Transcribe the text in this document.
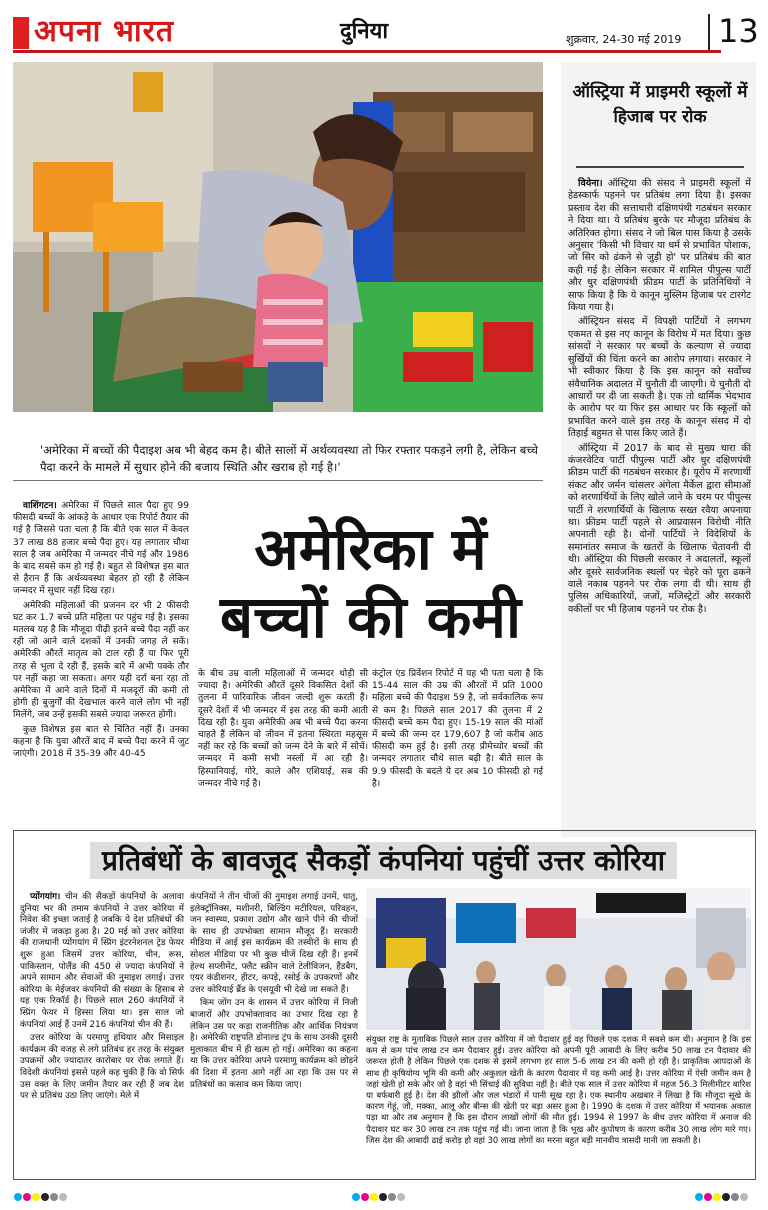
अपना भारत	दुनिया	शुक्रवार, 24-30 मई 2019 13
'अमेरिका में बच्चों की पैदाइश अब भी बेहद कम है। बीते सालों में अर्थव्यवस्था तो फिर रफ्तार पकड़ने लगी है, लेकिन बच्चे पैदा करने के मामले में सुधार होने की बजाय स्थिति और खराब हो गई है।'

वाशिंगटन। अमेरिका में पिछले साल पैदा हुए 99 फीसदी बच्चों के आंकड़े के आधार एक रिपोर्ट तैयार की गई है जिससे पता चला है कि बीते एक साल में केवल 37 लाख 88 हजार बच्चे पैदा हुए। यह लगातार चौथा साल है जब अमेरिका में जन्मदर नीचे गई और 1986 के बाद सबसे कम हो गई है। बहुत से विशेषज्ञ इस बात से हैरान हैं कि अर्थव्यवस्था बेहतर हो रही है लेकिन जन्मदर में सुधार नहीं दिख रहा।

अमेरिकी महिलाओं की प्रजनन दर भी 2 फीसदी घट कर 1.7 बच्चे प्रति महिला पर पहुंच गई है। इसका मतलब यह है कि मौजूदा पीढ़ी इतने बच्चे पैदा नहीं कर रही जो आने वाले दशकों में उनकी जगह ले सकें। अमेरिकी औरतें मातृत्व को टाल रही हैं या फिर पूरी तरह से भुला दे रही हैं, इसके बारे में अभी पक्के तौर पर नहीं कहा जा सकता। अगर यही दर्रा बना रहा तो अमेरिका में आने वाले दिनों में मजदूरों की कमी तो होगी ही बुजुर्गों की देखभाल करने वाले लोग भी नहीं मिलेंगे, जब उन्हें इसकी सबसे ज्यादा जरूरत होगी।

कुछ विशेषज्ञ इस बात से चिंतित नहीं हैं। उनका कहना है कि युवा औरतें बाद में बच्चे पैदा करने में जुट जाएंगी। 2018 में 35-39 और 40-45

अमेरिका में
बच्चों की कमी

के बीच उम्र वाली महिलाओं में जन्मदर थोड़ी सी ज्यादा है। अमेरिकी औरतें दूसरे विकसित देशों की तुलना में पारिवारिक जीवन जल्दी शुरू करती हैं। दूसरे देशों में भी जन्मदर में इस तरह की कमी आती दिख रही है। युवा अमेरिकी अब भी बच्चे पैदा करना चाहते हैं लेकिन वो जीवन में इतना स्थिरता महसूस नहीं कर रहे कि बच्चों को जन्म देने के बारे में सोचें। जन्मदर में कमी सभी नस्लों में आ रही है। हिस्पानियाई, गोरे, काले और एशियाई, सब की जन्मदर नीचे गई है।

कंट्रोल एंड प्रिवेंशन रिपोर्ट में यह भी पता चला है कि 15-44 साल की उम्र की औरतों में प्रति 1000 महिला बच्चे की पैदाइश 59 है, जो सर्वकालिक रूप से कम है। पिछले साल 2017 की तुलना में 2 फीसदी बच्चे कम पैदा हुए। 15-19 साल की मांओं में बच्चे की जन्म दर 179,607 है जो करीब आठ फीसदी कम हुई है। इसी तरह प्रीमेच्योर बच्चों की जन्मदर लगातार चौथे साल बढ़ी है। बीते साल के 9.9 फीसदी के बदले ये दर अब 10 फीसदी हो गई है।

ऑस्ट्रिया में प्राइमरी स्कूलों में हिजाब पर रोक

वियेना। ऑस्ट्रिया की संसद ने प्राइमरी स्कूलों में हेडस्कार्फ पहनने पर प्रतिबंध लगा दिया है। इसका प्रस्ताव देश की सत्ताधारी दक्षिणपंथी गठबंधन सरकार ने दिया था। ये प्रतिबंध बुरके पर मौजूदा प्रतिबंध के अतिरिक्त होगा। संसद ने जो बिल पास किया है उसके अनुसार 'किसी भी विचार या धर्म से प्रभावित पोशाक, जो सिर को ढंकने से जुड़ी हो' पर प्रतिबंध की बात कही गई है। लेकिन सरकार में शामिल पीपुल्स पार्टी और धुर दक्षिणपंथी फ्रीडम पार्टी के प्रतिनिधियों ने साफ किया है कि ये कानून मुस्लिम हिजाब पर टारगेट किया गया है।

ऑस्ट्रियन संसद में विपक्षी पार्टियों ने लगभग एकमत से इस नए कानून के विरोध में मत दिया। कुछ सांसदों ने सरकार पर बच्चों के कल्याण से ज्यादा सुर्खियों की चिंता करने का आरोप लगाया। सरकार ने भी स्वीकार किया है कि इस कानून को सर्वोच्च संवैधानिक अदालत में चुनौती दी जाएगी। ये चुनौती दो आधारों पर दी जा सकती है। एक तो धार्मिक भेदभाव के आरोप पर या फिर इस आधार पर कि स्कूलों को प्रभावित करने वाले इस तरह के कानून संसद में दो तिहाई बहुमत से पास किए जाते हैं।

ऑस्ट्रिया में 2017 के बाद से मुख्य धारा की कंजरवेटिव पार्टी पीपुल्स पार्टी और धुर दक्षिणपंथी फ्रीडम पार्टी की गठबंधन सरकार है। यूरोप में शरणार्थी संकट और जर्मन चांसलर अंगेला मैर्केल द्वारा सीमाओं को शरणार्थियों के लिए खोले जाने के चरम पर पीपुल्स पार्टी ने शरणार्थियों के खिलाफ सख्त रवैया अपनाया था। फ्रीडम पार्टी पहले से आप्रवासन विरोधी नीति अपनाती रही है। दोनों पार्टियों ने विदेशियों के समानांतर समाज के खतरों के खिलाफ चेतावनी दी थी। ऑस्ट्रिया की पिछली सरकार ने अदालतों, स्कूलों और दूसरे सार्वजनिक स्थलों पर चेहरे को पूरा ढकने वाले नकाब पहनने पर रोक लगा दी थी। साथ ही पुलिस अधिकारियों, जजों, मजिस्ट्रेटों और सरकारी वकीलों पर भी हिजाब पहनने पर रोक है।

प्रतिबंधों के बावजूद सैकड़ों कंपनियां पहुंचीं उत्तर कोरिया

प्योंगयांग। चीन की सैकड़ों कंपनियों के अलावा दुनिया भर की तमाम कंपनियों ने उत्तर कोरिया में निवेश की इच्छा जताई है जबकि ये देश प्रतिबंधों की जंजीर में जकड़ा हुआ है। 20 मई को उत्तर कोरिया की राजधानी प्योंगयांग में स्प्रिंग इंटरनेशनल ट्रेड फेयर शुरू हुआ जिसमें उत्तर कोरिया, चीन, रूस, पाकिस्तान, पोलैंड की 450 से ज्यादा कंपनियों ने अपने सामान और सेवाओं की नुमाइश लगाई। उत्तर कोरिया के मेईजवर कंपनियों की संख्या के हिसाब से यह एक रिकॉर्ड है। पिछले साल 260 कंपनियों ने स्प्रिंग फेयर में हिस्सा लिया था। इस साल जो कंपनियां आई हैं उनमें 216 कंपनियां चीन की हैं।

उत्तर कोरिया के परमाणु हथियार और मिसाइल कार्यक्रम की वजह से लगे प्रतिबंध हर तरह के संयुक्त उपक्रमों और ज्यादातर कारोबार पर रोक लगाते हैं। विदेशी कंपनियां इससे पहले कह चुकी हैं कि वो सिर्फ उस वक्त के लिए जमीन तैयार कर रही हैं जब देश पर से प्रतिबंध उठा लिए जाएंगे। मेले में

कंपनियों ने तीन चीजों की नुमाइश लगाई उनमें, धातु, इलेक्ट्रॉनिक्स, मशीनरी, बिल्डिंग मटीरियल, परिवहन, जन स्वास्थ्य, प्रकाश उद्योग और खाने पीने की चीजों के साथ ही उपभोक्ता सामान मौजूद हैं। सरकारी मीडिया में आई इस कार्यक्रम की तस्वीरों के साथ ही सोशल मीडिया पर भी कुछ चीजें दिख रही हैं। इनमें हेल्थ सप्लीमेंट, फ्लैट स्क्रीन वाले टेलीविजन, हैंडबैग, एयर कंडीशनर, हीटर, कपड़े, रसोई के उपकरणों और उत्तर कोरियाई ब्रैंड के एसयूवी भी देखे जा सकते हैं।

किम जोंग उन के शासन में उत्तर कोरिया में निजी बाजारों और उपभोक्तावाद का उभार दिख रहा है लेकिन उस पर कड़ा राजनीतिक और आर्थिक नियंत्रण है। अमेरिकी राष्ट्रपति डोनाल्ड ट्रंप के साथ उनकी दूसरी मुलाकात बीच में ही खत्म हो गई। अमेरिका का कहना था कि उत्तर कोरिया अपने परमाणु कार्यक्रम को छोड़ने की दिशा में इतना आगे नहीं आ रहा कि उस पर से प्रतिबंधों का कसाव कम किया जाए।

संयुक्त राष्ट्र के मुताबिक पिछले साल उत्तर कोरिया में जो पैदावार हुई वह पिछले एक दशक में सबसे कम थी। अनुमान है कि इस कम से कम पांच लाख टन कम पैदावार हुई। उत्तर कोरिया को अपनी पूरी आबादी के लिए करीब 50 लाख टन पैदावार की जरूरत होती है लेकिन पिछले एक दशक से इसमें लगभग हर साल 5-6 लाख टन की कमी हो रही है। प्राकृतिक आपदाओं के साथ ही कृषियोग्य भूमि की कमी और अकुशल खेती के कारण पैदावार में यह कमी आई है। उत्तर कोरिया में ऐसी जमीन कम है जहां खेती हो सके और जो है वहां भी सिंचाई की सुविधा नहीं है। बीते एक साल में उत्तर कोरिया में महज 56.3 मिलीमीटर बारिश या बर्फबारी हुई है। देश की झीलों और जल भंडारों में पानी सूख रहा है। एक स्थानीय अखबार ने लिखा है कि मौजूदा सूखे के कारण गेहूं, जौ, मक्का, आलू और बीन्स की खेती पर बड़ा असर हुआ है। 1990 के दशक में उत्तर कोरिया में भयानक अकाल पड़ा था और तब अनुमान है कि इस दौरान लाखों लोगों की मौत हुई। 1994 से 1997 के बीच उत्तर कोरिया में अनाज की पैदावार घट कर 30 लाख टन तक पहुंच गई थी। जाना जाता है कि भूख और कुपोषण के कारण करीब 30 लाख लोग मारे गए। जिस देश की आबादी ढाई करोड़ हो वहां 30 लाख लोगों का मरना बहुत बड़ी मानवीय त्रासदी मानी जा सकती है।
